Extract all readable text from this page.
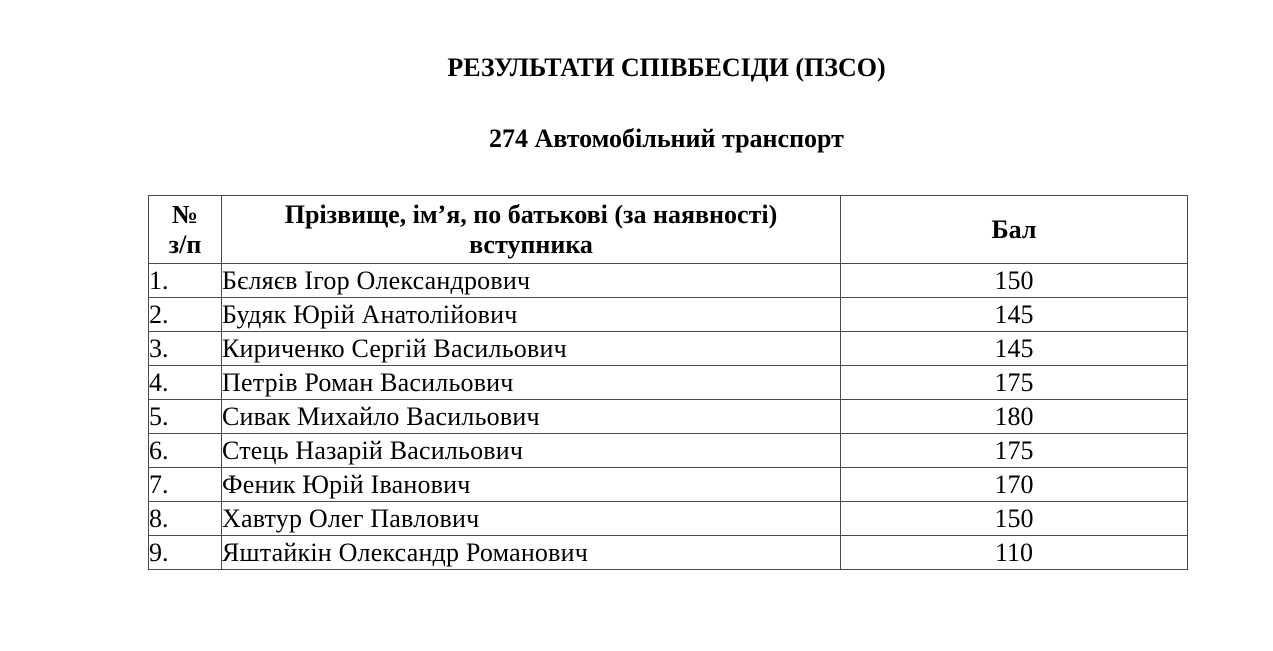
РЕЗУЛЬТАТИ СПІВБЕСІДИ (ПЗСО)
274 Автомобільний транспорт
№ з/п	Прізвище, ім’я, по батькові (за наявності) вступника	Бал
1.	Бєляєв Ігор Олександрович	150
2.	Будяк Юрій Анатолійович	145
3.	Кириченко Сергій Васильович	145
4.	Петрів Роман Васильович	175
5.	Сивак Михайло Васильович	180
6.	Стець Назарій Васильович	175
7.	Феник Юрій Іванович	170
8.	Хавтур Олег Павлович	150
9.	Яштайкін Олександр Романович	110
